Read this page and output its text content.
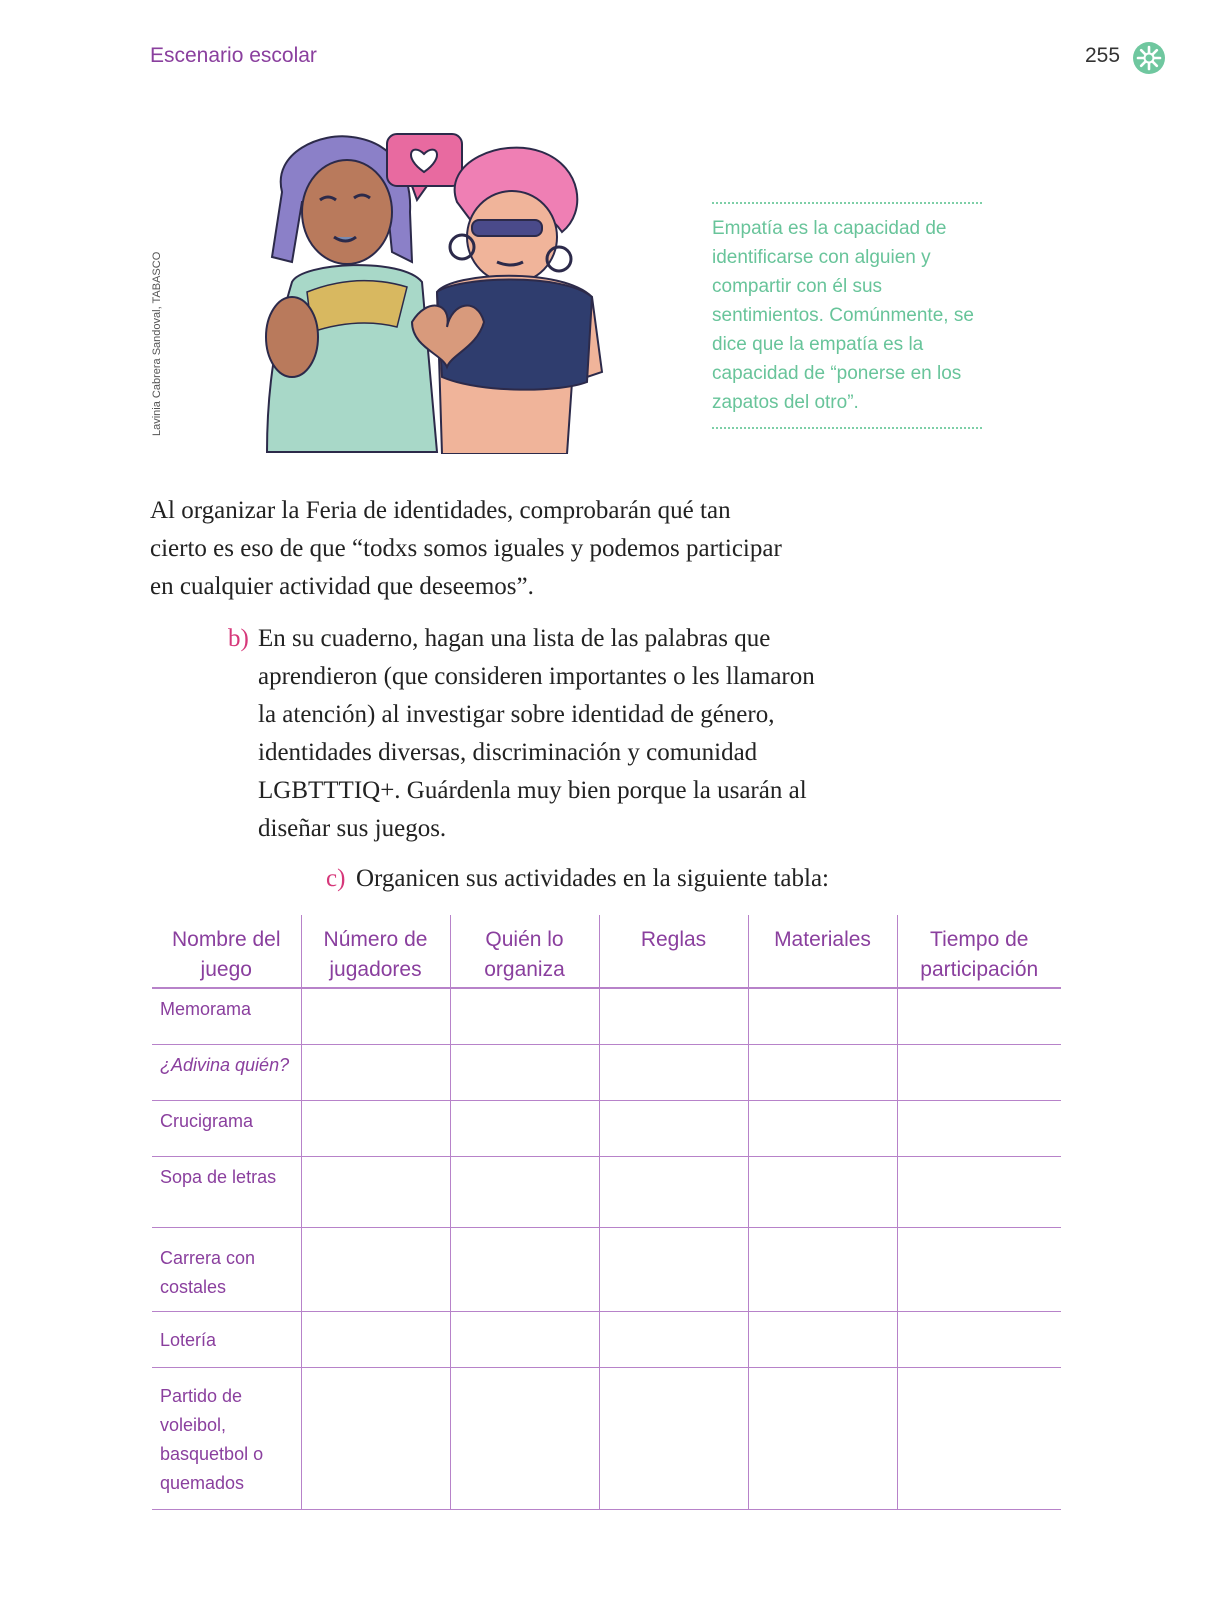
Escenario escolar	255
Lavinia Cabrera Sandoval, TABASCO
Empatía es la capacidad de identificarse con alguien y compartir con él sus sentimientos. Comúnmente, se dice que la empatía es la capacidad de “ponerse en los zapatos del otro”.
Al organizar la Feria de identidades, comprobarán qué tan cierto es eso de que “todxs somos iguales y podemos participar en cualquier actividad que deseemos”.
b) En su cuaderno, hagan una lista de las palabras que aprendieron (que consideren importantes o les llamaron la atención) al investigar sobre identidad de género, identidades diversas, discriminación y comunidad LGBTTTIQ+. Guárdenla muy bien porque la usarán al diseñar sus juegos.
c) Organicen sus actividades en la siguiente tabla:
Nombre del juego	Número de jugadores	Quién lo organiza	Reglas	Materiales	Tiempo de participación
Memorama					
¿Adivina quién?					
Crucigrama					
Sopa de letras					
Carrera con costales					
Lotería					
Partido de voleibol, basquetbol o quemados					
